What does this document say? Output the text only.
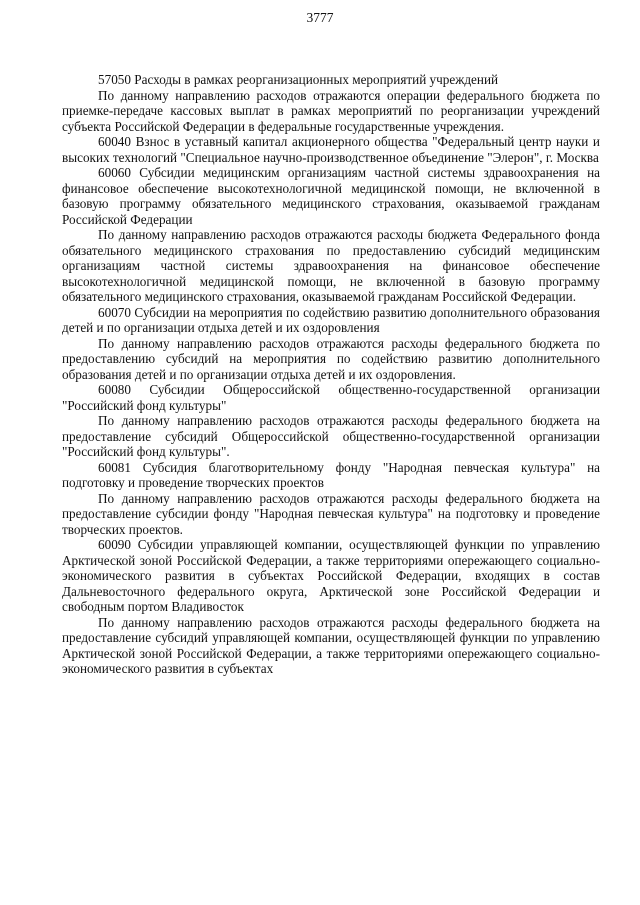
3777

57050 Расходы в рамках реорганизационных мероприятий учреждений

По данному направлению расходов отражаются операции федерального бюджета по приемке-передаче кассовых выплат в рамках мероприятий по реорганизации учреждений субъекта Российской Федерации в федеральные государственные учреждения.

60040 Взнос в уставный капитал акционерного общества "Федеральный центр науки и высоких технологий "Специальное научно-производственное объединение "Элерон", г. Москва

60060 Субсидии медицинским организациям частной системы здравоохранения на финансовое обеспечение высокотехнологичной медицинской помощи, не включенной в базовую программу обязательного медицинского страхования, оказываемой гражданам Российской Федерации

По данному направлению расходов отражаются расходы бюджета Федерального фонда обязательного медицинского страхования по предоставлению субсидий медицинским организациям частной системы здравоохранения на финансовое обеспечение высокотехнологичной медицинской помощи, не включенной в базовую программу обязательного медицинского страхования, оказываемой гражданам Российской Федерации.

60070 Субсидии на мероприятия по содействию развитию дополнительного образования детей и по организации отдыха детей и их оздоровления

По данному направлению расходов отражаются расходы федерального бюджета по предоставлению субсидий на мероприятия по содействию развитию дополнительного образования детей и по организации отдыха детей и их оздоровления.

60080 Субсидии Общероссийской общественно-государственной организации "Российский фонд культуры"

По данному направлению расходов отражаются расходы федерального бюджета на предоставление субсидий Общероссийской общественно-государственной организации "Российский фонд культуры".

60081 Субсидия благотворительному фонду "Народная певческая культура" на подготовку и проведение творческих проектов

По данному направлению расходов отражаются расходы федерального бюджета на предоставление субсидии фонду "Народная певческая культура" на подготовку и проведение творческих проектов.

60090 Субсидии управляющей компании, осуществляющей функции по управлению Арктической зоной Российской Федерации, а также территориями опережающего социально-экономического развития в субъектах Российской Федерации, входящих в состав Дальневосточного федерального округа, Арктической зоне Российской Федерации и свободным портом Владивосток

По данному направлению расходов отражаются расходы федерального бюджета на предоставление субсидий управляющей компании, осуществляющей функции по управлению Арктической зоной Российской Федерации, а также территориями опережающего социально-экономического развития в субъектах
